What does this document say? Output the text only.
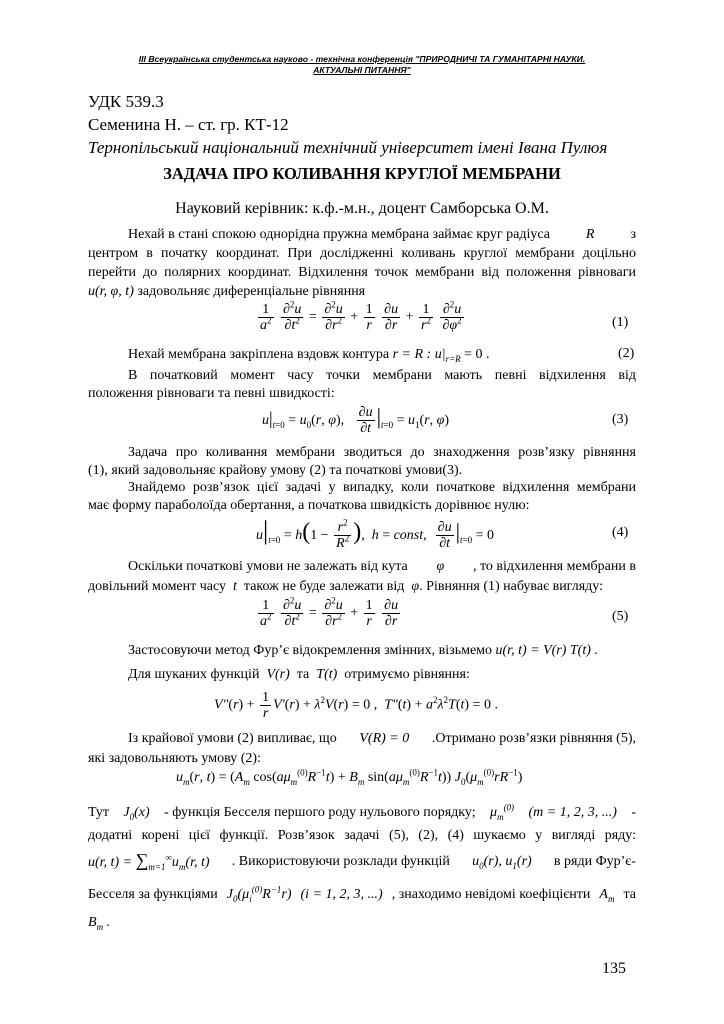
III Всеукраїнська студентська науково - технічна конференція "ПРИРОДНИЧІ ТА ГУМАНІТАРНІ НАУКИ.
АКТУАЛЬНІ ПИТАННЯ"
УДК 539.3
Семенина Н. – ст. гр. КТ-12
Тернопільський національний технічний університет імені Івана Пулюя
ЗАДАЧА ПРО КОЛИВАННЯ КРУГЛОЇ МЕМБРАНИ
Науковий керівник: к.ф.-м.н., доцент Самборська О.М.
Нехай в стані спокою однорідна пружна мембрана займає круг радіуса	R	з
центром в початку координат. При дослідженні коливань круглої мембрани доцільно
перейти до полярних координат. Відхилення точок мембрани від положення рівноваги
u(r, φ, t) задовольняє диференціальне рівняння
$\frac{1}{a^2}$
$\frac{\partial^2u}{\partial t^2} = \frac{\partial^2u}{\partial r^2} + \frac{1}{r}$
$\frac{\partial u}{\partial r} + \frac{1}{r^2}$
$\frac{\partial^2u}{\partial\varphi^2}$	(1)
Нехай мембрана закріплена вздовж контура r = R : $u|_{r=R} = 0$ .	(2)
В початковий момент часу точки мембрани мають певні відхилення від
положення рівноваги та певні швидкості:
$u|_{t=0} = u_0(r$, φ), $\frac{\partial u}{\partial t} |_{t=0} = u_1(r$, φ)	(3)
Задача про коливання мембрани зводиться до знаходження розв’язку рівняння
(1), який задовольняє крайову умову (2) та початкові умови(3).
Знайдемо розв’язок цієї задачі у випадку, коли початкове відхилення мембрани
має форму параболоїда обертання, а початкова швидкість дорівнює нулю:
$u|_{t=0} = h(1 - \frac{r^2}{R^2}$ ),  h = const, $\frac{\partial u}{\partial t} |_{t=0} = 0$	(4)
Оскільки початкові умови не залежать від кута φ , то відхилення мембрани в
довільний момент часу  t  також не буде залежати від  φ. Рівняння (1) набуває вигляду:
$\frac{1}{a^2}$
$\frac{\partial^2u}{\partial t^2} = \frac{\partial^2u}{\partial r^2} + \frac{1}{r}$
$\frac{\partial u}{\partial r}$	(5)
Застосовуючи метод Фур’є відокремлення змінних, візьмемо u(r, t) = V(r) T(t) .
Для шуканих функцій  V(r)  та  T(t)  отримуємо рівняння:
$V''(r) + \frac{1}{r} V'(r) + \lambda^2V(r) = 0$ ,  $T''(t) + a^2\lambda^2T(t) = 0$ .
Із крайової умови (2) випливає, що V(R) = 0 .Отримано розв’язки рівняння (5),
які задовольняють умову (2):
$u_m(r$, $t) = (A_m$ $\cos(a\mu_m^{(0)}R^{-1}t) + B_m$ $\sin(a\mu_m^{(0)}R^{-1}t)$) $J_0(\mu_m^{(0)}rR^{-1})$
Тут $J_0(x)$ - функція Бесселя першого роду нульового порядку; $\mu_m^{(0)}$ (m = 1, 2, 3, ...) -
додатні корені цієї функції. Розв’язок задачі (5), (2), (4) шукаємо у вигляді ряду:
u(r, $t) = \sum_{m=1}^\infty u_m(r$, t) . Використовуючи розклади функцій $u_0(r)$, $u_1(r)$ в ряди Фур’є-
Бесселя за функціями $J_0(\mu_i^{(0)}R^{-1}r) (i = 1$, 2, 3, ...) , знаходимо невідомі коефіцієнти $A_m$ та
$B_m$ .
135
